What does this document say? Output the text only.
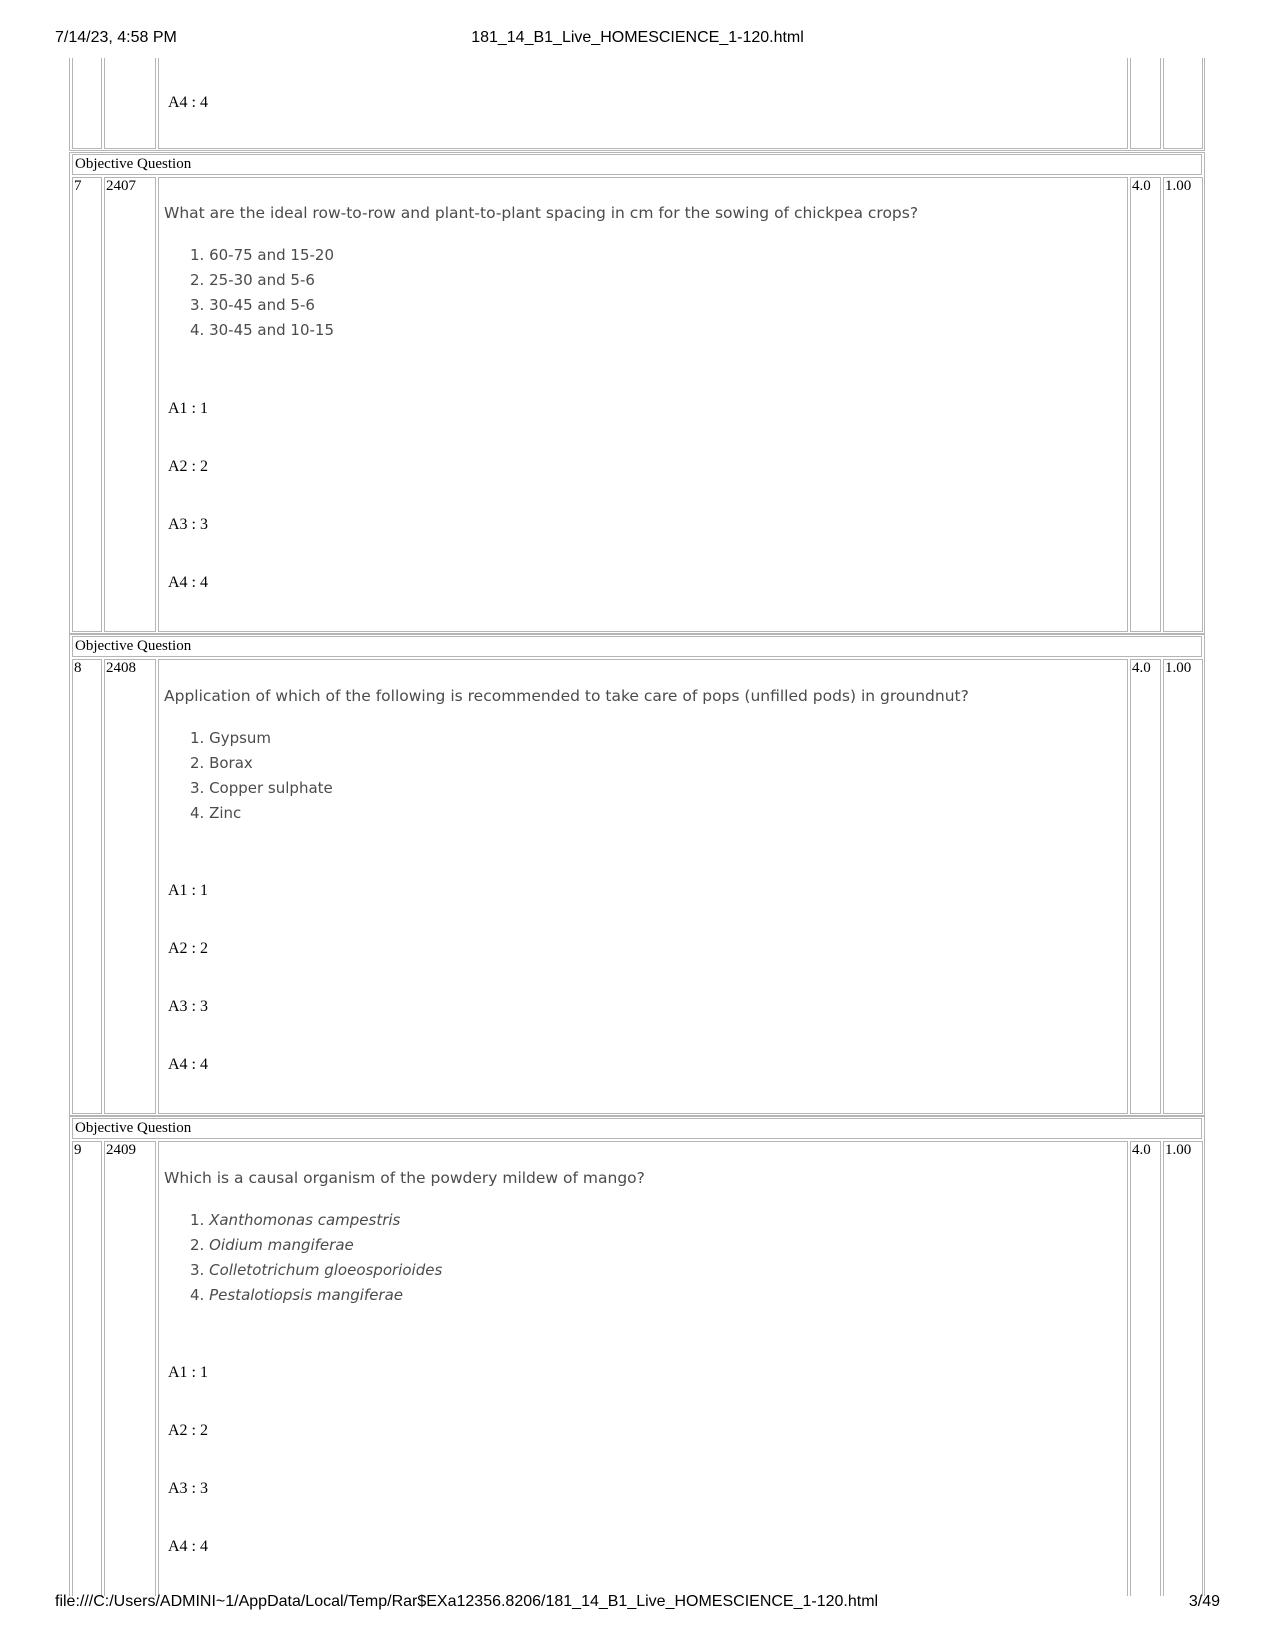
7/14/23, 4:58 PM	181_14_B1_Live_HOMESCIENCE_1-120.html
A4 : 4
Objective Question
7 2407	4.0 1.00
What are the ideal row-to-row and plant-to-plant spacing in cm for the sowing of chickpea crops?
1. 60-75 and 15-20
2. 25-30 and 5-6
3. 30-45 and 5-6
4. 30-45 and 10-15
A1 : 1
A2 : 2
A3 : 3
A4 : 4
Objective Question
8 2408	4.0 1.00
Application of which of the following is recommended to take care of pops (unfilled pods) in groundnut?
1. Gypsum
2. Borax
3. Copper sulphate
4. Zinc
A1 : 1
A2 : 2
A3 : 3
A4 : 4
Objective Question
9 2409	4.0 1.00
Which is a causal organism of the powdery mildew of mango?
1. Xanthomonas campestris
2. Oidium mangiferae
3. Colletotrichum gloeosporioides
4. Pestalotiopsis mangiferae
A1 : 1
A2 : 2
A3 : 3
A4 : 4
file:///C:/Users/ADMINI~1/AppData/Local/Temp/Rar$EXa12356.8206/181_14_B1_Live_HOMESCIENCE_1-120.html	3/49
